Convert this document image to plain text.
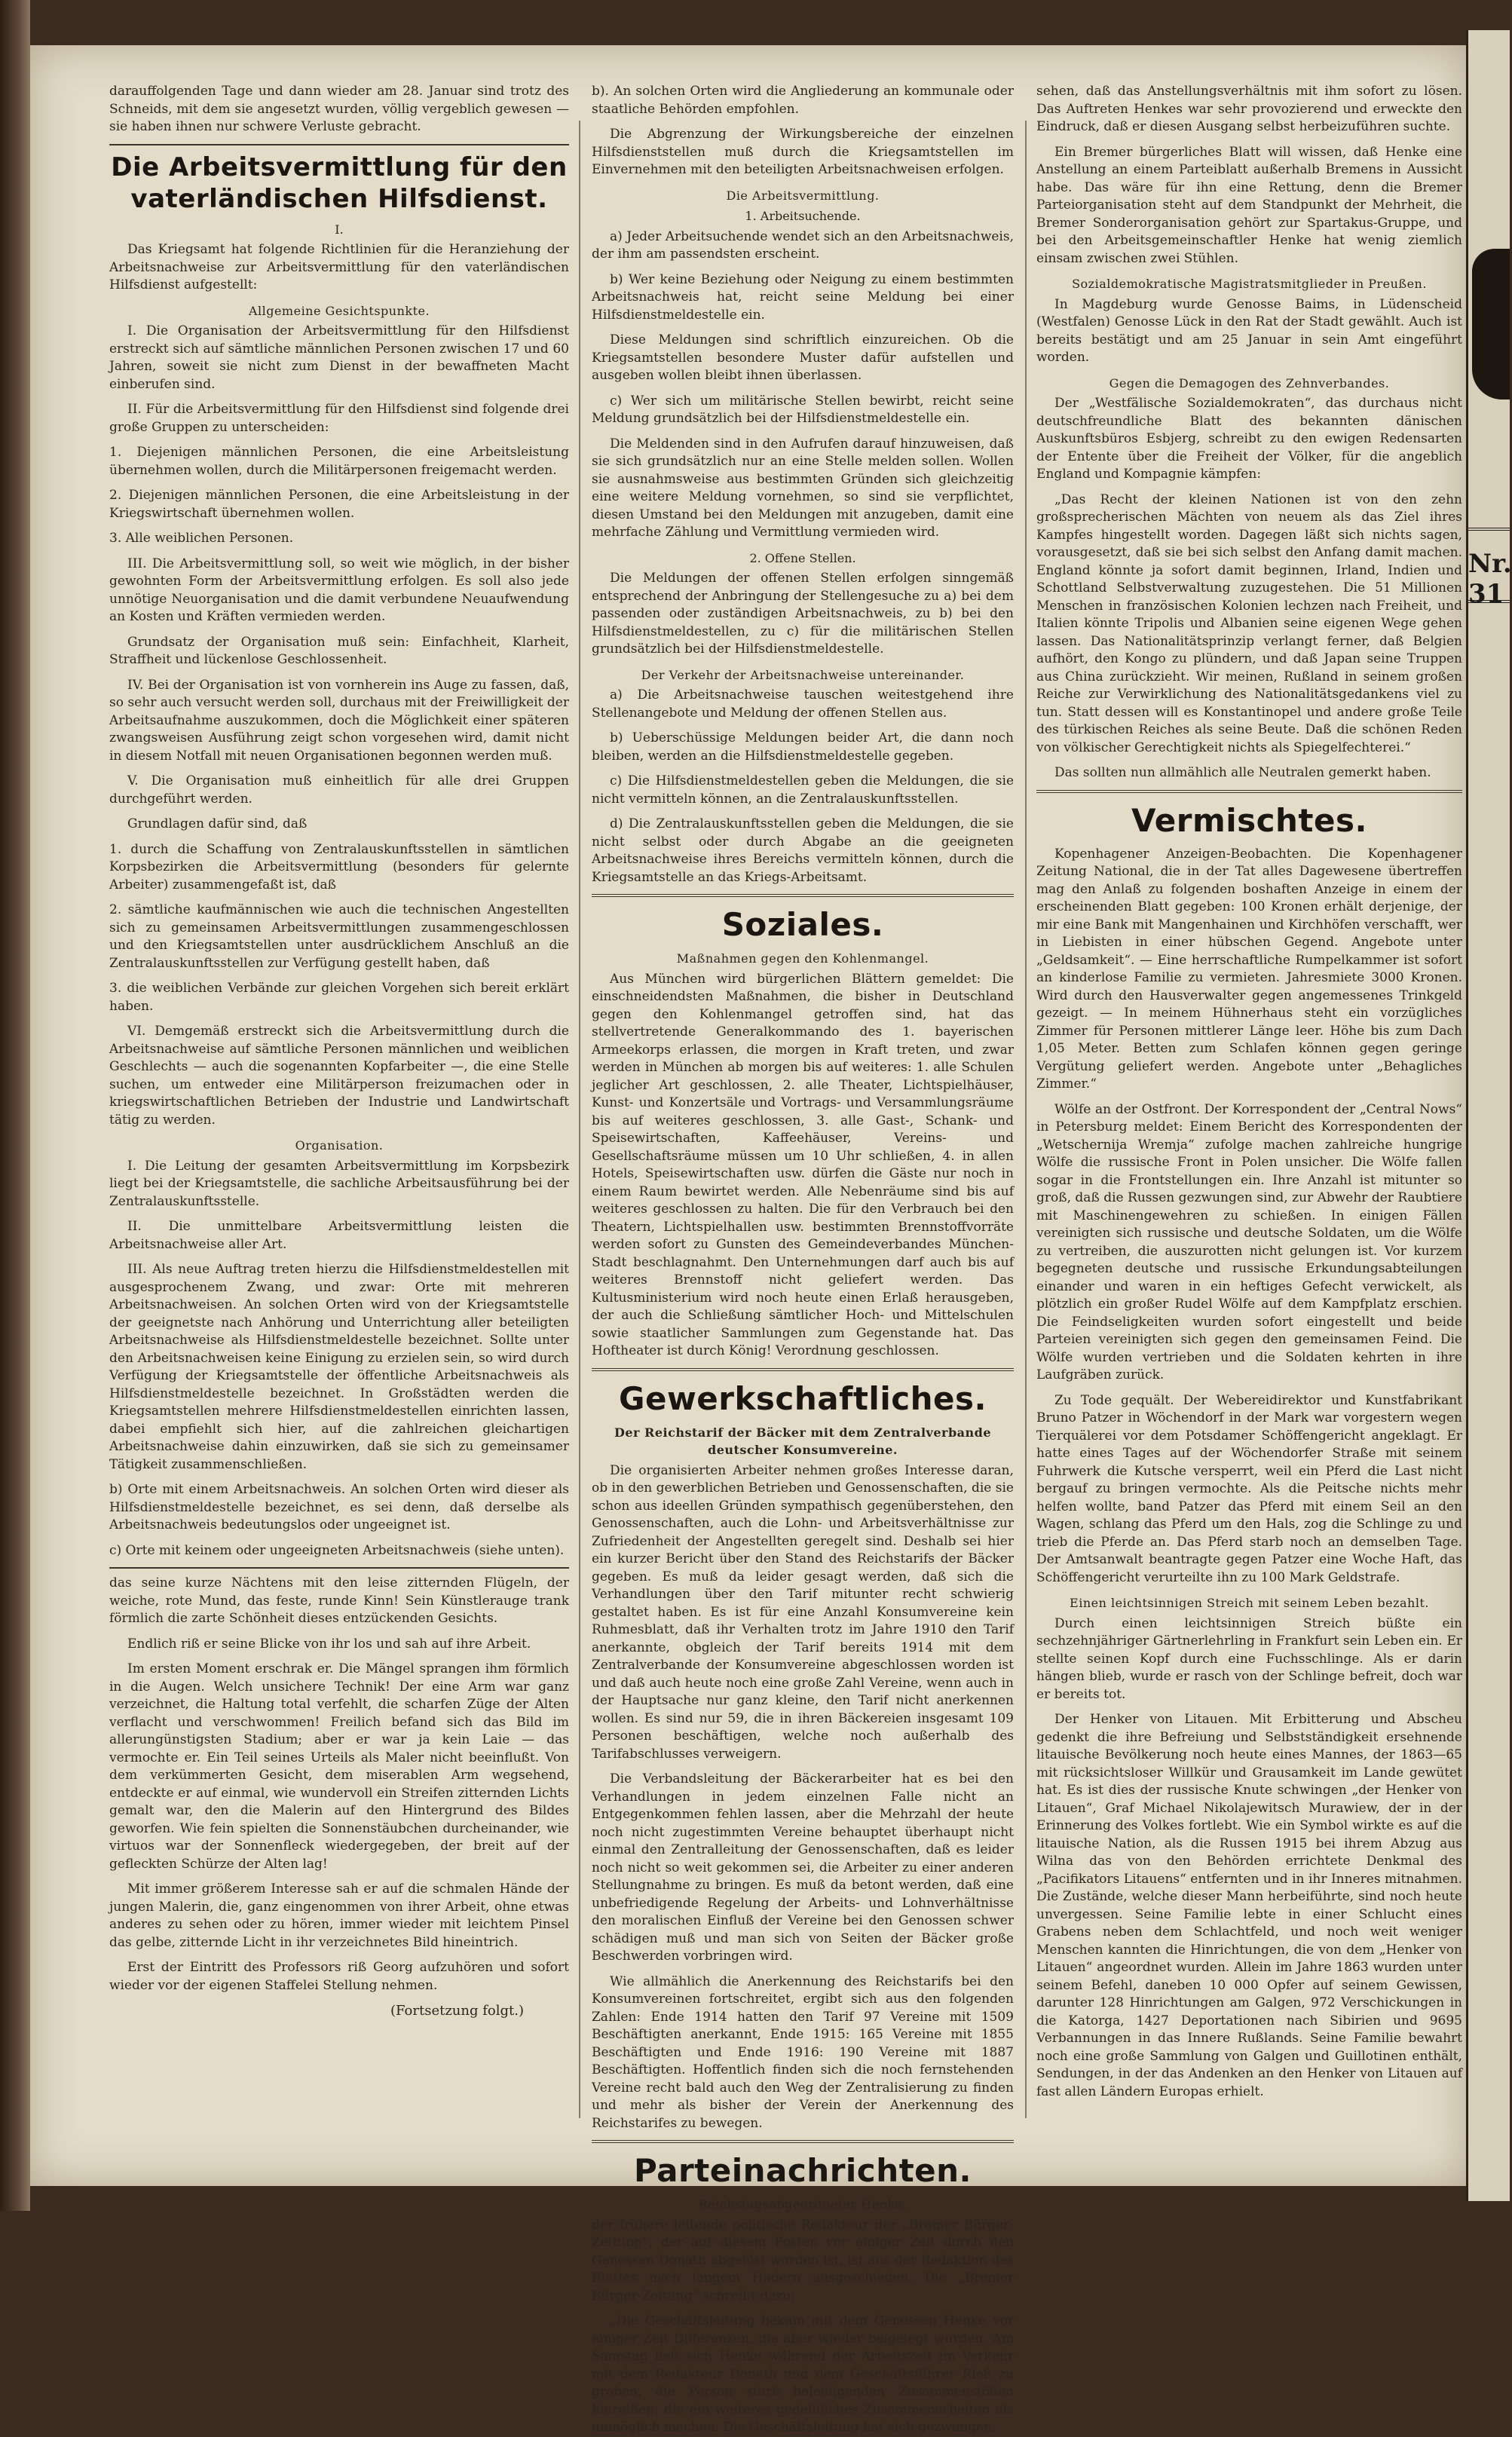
Nr. 31

darauffolgenden Tage und dann wieder am 28. Januar sind trotz des Schneids, mit dem sie angesetzt wurden, völlig vergeblich gewesen — sie haben ihnen nur schwere Verluste gebracht.

Die Arbeitsvermittlung für den vaterländischen Hilfsdienst.
I.

Das Kriegsamt hat folgende Richtlinien für die Heranziehung der Arbeitsnachweise zur Arbeitsvermittlung für den vaterländischen Hilfsdienst aufgestellt:

Allgemeine Gesichtspunkte.

I. Die Organisation der Arbeitsvermittlung für den Hilfsdienst erstreckt sich auf sämtliche männlichen Personen zwischen 17 und 60 Jahren, soweit sie nicht zum Dienst in der bewaffneten Macht einberufen sind.

II. Für die Arbeitsvermittlung für den Hilfsdienst sind folgende drei große Gruppen zu unterscheiden:

1. Diejenigen männlichen Personen, die eine Arbeitsleistung übernehmen wollen, durch die Militärpersonen freigemacht werden.

2. Diejenigen männlichen Personen, die eine Arbeitsleistung in der Kriegswirtschaft übernehmen wollen.

3. Alle weiblichen Personen.

III. Die Arbeitsvermittlung soll, so weit wie möglich, in der bisher gewohnten Form der Arbeitsvermittlung erfolgen. Es soll also jede unnötige Neuorganisation und die damit verbundene Neuaufwendung an Kosten und Kräften vermieden werden.

Grundsatz der Organisation muß sein: Einfachheit, Klarheit, Straffheit und lückenlose Geschlossenheit.

IV. Bei der Organisation ist von vornherein ins Auge zu fassen, daß, so sehr auch versucht werden soll, durchaus mit der Freiwilligkeit der Arbeitsaufnahme auszukommen, doch die Möglichkeit einer späteren zwangsweisen Ausführung zeigt schon vorgesehen wird, damit nicht in diesem Notfall mit neuen Organisationen begonnen werden muß.

V. Die Organisation muß einheitlich für alle drei Gruppen durchgeführt werden.

Grundlagen dafür sind, daß

1. durch die Schaffung von Zentralauskunftsstellen in sämtlichen Korpsbezirken die Arbeitsvermittlung (besonders für gelernte Arbeiter) zusammengefaßt ist, daß

2. sämtliche kaufmännischen wie auch die technischen Angestellten sich zu gemeinsamen Arbeitsvermittlungen zusammengeschlossen und den Kriegsamtstellen unter ausdrücklichem Anschluß an die Zentralauskunftsstellen zur Verfügung gestellt haben, daß

3. die weiblichen Verbände zur gleichen Vorgehen sich bereit erklärt haben.

VI. Demgemäß erstreckt sich die Arbeitsvermittlung durch die Arbeitsnachweise auf sämtliche Personen männlichen und weiblichen Geschlechts — auch die sogenannten Kopfarbeiter —, die eine Stelle suchen, um entweder eine Militärperson freizumachen oder in kriegswirtschaftlichen Betrieben der Industrie und Landwirtschaft tätig zu werden.

Organisation.

I. Die Leitung der gesamten Arbeitsvermittlung im Korpsbezirk liegt bei der Kriegsamtstelle, die sachliche Arbeitsausführung bei der Zentralauskunftsstelle.

II. Die unmittelbare Arbeitsvermittlung leisten die Arbeitsnachweise aller Art.

III. Als neue Auftrag treten hierzu die Hilfsdienstmeldestellen mit ausgesprochenem Zwang, und zwar: Orte mit mehreren Arbeitsnachweisen. An solchen Orten wird von der Kriegsamtstelle der geeignetste nach Anhörung und Unterrichtung aller beteiligten Arbeitsnachweise als Hilfsdienstmeldestelle bezeichnet. Sollte unter den Arbeitsnachweisen keine Einigung zu erzielen sein, so wird durch Verfügung der Kriegsamtstelle der öffentliche Arbeitsnachweis als Hilfsdienstmeldestelle bezeichnet. In Großstädten werden die Kriegsamtstellen mehrere Hilfsdienstmeldestellen einrichten lassen, dabei empfiehlt sich hier, auf die zahlreichen gleichartigen Arbeitsnachweise dahin einzuwirken, daß sie sich zu gemeinsamer Tätigkeit zusammenschließen.

b) Orte mit einem Arbeitsnachweis. An solchen Orten wird dieser als Hilfsdienstmeldestelle bezeichnet, es sei denn, daß derselbe als Arbeitsnachweis bedeutungslos oder ungeeignet ist.

c) Orte mit keinem oder ungeeigneten Arbeitsnachweis (siehe unten).

das seine kurze Nächtens mit den leise zitternden Flügeln, der weiche, rote Mund, das feste, runde Kinn! Sein Künstlerauge trank förmlich die zarte Schönheit dieses entzückenden Gesichts.

Endlich riß er seine Blicke von ihr los und sah auf ihre Arbeit.

Im ersten Moment erschrak er. Die Mängel sprangen ihm förmlich in die Augen. Welch unsichere Technik! Der eine Arm war ganz verzeichnet, die Haltung total verfehlt, die scharfen Züge der Alten verflacht und verschwommen! Freilich befand sich das Bild im allerungünstigsten Stadium; aber er war ja kein Laie — das vermochte er. Ein Teil seines Urteils als Maler nicht beeinflußt. Von dem verkümmerten Gesicht, dem miserablen Arm wegsehend, entdeckte er auf einmal, wie wundervoll ein Streifen zitternden Lichts gemalt war, den die Malerin auf den Hintergrund des Bildes geworfen. Wie fein spielten die Sonnenstäubchen durcheinander, wie virtuos war der Sonnenfleck wiedergegeben, der breit auf der gefleckten Schürze der Alten lag!

Mit immer größerem Interesse sah er auf die schmalen Hände der jungen Malerin, die, ganz eingenommen von ihrer Arbeit, ohne etwas anderes zu sehen oder zu hören, immer wieder mit leichtem Pinsel das gelbe, zitternde Licht in ihr verzeichnetes Bild hineintrich.

Erst der Eintritt des Professors riß Georg aufzuhören und sofort wieder vor der eigenen Staffelei Stellung nehmen.

(Fortsetzung folgt.)

b). An solchen Orten wird die Angliederung an kommunale oder staatliche Behörden empfohlen.

Die Abgrenzung der Wirkungsbereiche der einzelnen Hilfsdienststellen muß durch die Kriegsamtstellen im Einvernehmen mit den beteiligten Arbeitsnachweisen erfolgen.

Die Arbeitsvermittlung.
1. Arbeitsuchende.

a) Jeder Arbeitsuchende wendet sich an den Arbeitsnachweis, der ihm am passendsten erscheint.

b) Wer keine Beziehung oder Neigung zu einem bestimmten Arbeitsnachweis hat, reicht seine Meldung bei einer Hilfsdienstmeldestelle ein.

Diese Meldungen sind schriftlich einzureichen. Ob die Kriegsamtstellen besondere Muster dafür aufstellen und ausgeben wollen bleibt ihnen überlassen.

c) Wer sich um militärische Stellen bewirbt, reicht seine Meldung grundsätzlich bei der Hilfsdienstmeldestelle ein.

Die Meldenden sind in den Aufrufen darauf hinzuweisen, daß sie sich grundsätzlich nur an eine Stelle melden sollen. Wollen sie ausnahmsweise aus bestimmten Gründen sich gleichzeitig eine weitere Meldung vornehmen, so sind sie verpflichtet, diesen Umstand bei den Meldungen mit anzugeben, damit eine mehrfache Zählung und Vermittlung vermieden wird.

2. Offene Stellen.

Die Meldungen der offenen Stellen erfolgen sinngemäß entsprechend der Anbringung der Stellengesuche zu a) bei dem passenden oder zuständigen Arbeitsnachweis, zu b) bei den Hilfsdienstmeldestellen, zu c) für die militärischen Stellen grundsätzlich bei der Hilfsdienstmeldestelle.

Der Verkehr der Arbeitsnachweise untereinander.

a) Die Arbeitsnachweise tauschen weitestgehend ihre Stellenangebote und Meldung der offenen Stellen aus.

b) Ueberschüssige Meldungen beider Art, die dann noch bleiben, werden an die Hilfsdienstmeldestelle gegeben.

c) Die Hilfsdienstmeldestellen geben die Meldungen, die sie nicht vermitteln können, an die Zentralauskunftsstellen.

d) Die Zentralauskunftsstellen geben die Meldungen, die sie nicht selbst oder durch Abgabe an die geeigneten Arbeitsnachweise ihres Bereichs vermitteln können, durch die Kriegsamtstelle an das Kriegs-Arbeitsamt.

Soziales.
Maßnahmen gegen den Kohlenmangel.

Aus München wird bürgerlichen Blättern gemeldet: Die einschneidendsten Maßnahmen, die bisher in Deutschland gegen den Kohlenmangel getroffen sind, hat das stellvertretende Generalkommando des 1. bayerischen Armeekorps erlassen, die morgen in Kraft treten, und zwar werden in München ab morgen bis auf weiteres: 1. alle Schulen jeglicher Art geschlossen, 2. alle Theater, Lichtspielhäuser, Kunst- und Konzertsäle und Vortrags- und Versammlungsräume bis auf weiteres geschlossen, 3. alle Gast-, Schank- und Speisewirtschaften, Kaffeehäuser, Vereins- und Gesellschaftsräume müssen um 10 Uhr schließen, 4. in allen Hotels, Speisewirtschaften usw. dürfen die Gäste nur noch in einem Raum bewirtet werden. Alle Nebenräume sind bis auf weiteres geschlossen zu halten. Die für den Verbrauch bei den Theatern, Lichtspielhallen usw. bestimmten Brennstoffvorräte werden sofort zu Gunsten des Gemeindeverbandes München-Stadt beschlagnahmt. Den Unternehmungen darf auch bis auf weiteres Brennstoff nicht geliefert werden. Das Kultusministerium wird noch heute einen Erlaß herausgeben, der auch die Schließung sämtlicher Hoch- und Mittelschulen sowie staatlicher Sammlungen zum Gegenstande hat. Das Hoftheater ist durch König! Verordnung geschlossen.

Gewerkschaftliches.
Der Reichstarif der Bäcker mit dem Zentralverbande deutscher Konsumvereine.

Die organisierten Arbeiter nehmen großes Interesse daran, ob in den gewerblichen Betrieben und Genossenschaften, die sie schon aus ideellen Gründen sympathisch gegenüberstehen, den Genossenschaften, auch die Lohn- und Arbeitsverhältnisse zur Zufriedenheit der Angestellten geregelt sind. Deshalb sei hier ein kurzer Bericht über den Stand des Reichstarifs der Bäcker gegeben. Es muß da leider gesagt werden, daß sich die Verhandlungen über den Tarif mitunter recht schwierig gestaltet haben. Es ist für eine Anzahl Konsumvereine kein Ruhmesblatt, daß ihr Verhalten trotz im Jahre 1910 den Tarif anerkannte, obgleich der Tarif bereits 1914 mit dem Zentralverbande der Konsumvereine abgeschlossen worden ist und daß auch heute noch eine große Zahl Vereine, wenn auch in der Hauptsache nur ganz kleine, den Tarif nicht anerkennen wollen. Es sind nur 59, die in ihren Bäckereien insgesamt 109 Personen beschäftigen, welche noch außerhalb des Tarifabschlusses verweigern.

Die Verbandsleitung der Bäckerarbeiter hat es bei den Verhandlungen in jedem einzelnen Falle nicht an Entgegenkommen fehlen lassen, aber die Mehrzahl der heute noch nicht zugestimmten Vereine behauptet überhaupt nicht einmal den Zentralleitung der Genossenschaften, daß es leider noch nicht so weit gekommen sei, die Arbeiter zu einer anderen Stellungnahme zu bringen. Es muß da betont werden, daß eine unbefriedigende Regelung der Arbeits- und Lohnverhältnisse den moralischen Einfluß der Vereine bei den Genossen schwer schädigen muß und man sich von Seiten der Bäcker große Beschwerden vorbringen wird.

Wie allmählich die Anerkennung des Reichstarifs bei den Konsumvereinen fortschreitet, ergibt sich aus den folgenden Zahlen: Ende 1914 hatten den Tarif 97 Vereine mit 1509 Beschäftigten anerkannt, Ende 1915: 165 Vereine mit 1855 Beschäftigten und Ende 1916: 190 Vereine mit 1887 Beschäftigten. Hoffentlich finden sich die noch fernstehenden Vereine recht bald auch den Weg der Zentralisierung zu finden und mehr als bisher der Verein der Anerkennung des Reichstarifes zu bewegen.

Parteinachrichten.
Reichstagsabgeordneter Henke,

der frühere leitende politische Redakteur der „Bremer Bürger-Zeitung“, der auf diesem Posten vor einiger Zeit durch den Genossen Donath abgelöst worden ist, ist aus der Redaktion des Blattes nach langem Hadern ausgeschieden. Die „Bremer Bürger-Zeitung“ schreibt dazu:

„Die Geschäftsleitung bekam mit dem Genossen Henke vor einiger Zeit Differenzen, die aber wieder beigelegt wurden. Am Samstag ließ sich Henke während der Arbeitszeit im Verkehr mit dem Redakteur Donath und dem Geschäftsführer Rieß zu groben, die Person stark beleidigenden Zusammenstößen hinreißen, die ein weiteres gedeihliches Zusammenarbeiten als unmöglich machen. Die Geschäftsleitung hat sich gezwungen,

sehen, daß das Anstellungsverhältnis mit ihm sofort zu lösen. Das Auftreten Henkes war sehr provozierend und erweckte den Eindruck, daß er diesen Ausgang selbst herbeizuführen suchte.

Ein Bremer bürgerliches Blatt will wissen, daß Henke eine Anstellung an einem Parteiblatt außerhalb Bremens in Aussicht habe. Das wäre für ihn eine Rettung, denn die Bremer Parteiorganisation steht auf dem Standpunkt der Mehrheit, die Bremer Sonderorganisation gehört zur Spartakus-Gruppe, und bei den Arbeitsgemeinschaftler Henke hat wenig ziemlich einsam zwischen zwei Stühlen.

Sozialdemokratische Magistratsmitglieder in Preußen.

In Magdeburg wurde Genosse Baims, in Lüdenscheid (Westfalen) Genosse Lück in den Rat der Stadt gewählt. Auch ist bereits bestätigt und am 25 Januar in sein Amt eingeführt worden.

Gegen die Demagogen des Zehnverbandes.

Der „Westfälische Sozialdemokraten“, das durchaus nicht deutschfreundliche Blatt des bekannten dänischen Auskunftsbüros Esbjerg, schreibt zu den ewigen Redensarten der Entente über die Freiheit der Völker, für die angeblich England und Kompagnie kämpfen:

„Das Recht der kleinen Nationen ist von den zehn großsprecherischen Mächten von neuem als das Ziel ihres Kampfes hingestellt worden. Dagegen läßt sich nichts sagen, vorausgesetzt, daß sie bei sich selbst den Anfang damit machen. England könnte ja sofort damit beginnen, Irland, Indien und Schottland Selbstverwaltung zuzugestehen. Die 51 Millionen Menschen in französischen Kolonien lechzen nach Freiheit, und Italien könnte Tripolis und Albanien seine eigenen Wege gehen lassen. Das Nationalitätsprinzip verlangt ferner, daß Belgien aufhört, den Kongo zu plündern, und daß Japan seine Truppen aus China zurückzieht. Wir meinen, Rußland in seinem großen Reiche zur Verwirklichung des Nationalitätsgedankens viel zu tun. Statt dessen will es Konstantinopel und andere große Teile des türkischen Reiches als seine Beute. Daß die schönen Reden von völkischer Gerechtigkeit nichts als Spiegelfechterei.“

Das sollten nun allmählich alle Neutralen gemerkt haben.

Vermischtes.

Kopenhagener Anzeigen-Beobachten. Die Kopenhagener Zeitung National, die in der Tat alles Dagewesene übertreffen mag den Anlaß zu folgenden boshaften Anzeige in einem der erscheinenden Blatt gegeben: 100 Kronen erhält derjenige, der mir eine Bank mit Mangenhainen und Kirchhöfen verschafft, wer in Liebisten in einer hübschen Gegend. Angebote unter „Geldsamkeit“. — Eine herrschaftliche Rumpelkammer ist sofort an kinderlose Familie zu vermieten. Jahresmiete 3000 Kronen. Wird durch den Hausverwalter gegen angemessenes Trinkgeld gezeigt. — In meinem Hühnerhaus steht ein vorzügliches Zimmer für Personen mittlerer Länge leer. Höhe bis zum Dach 1,05 Meter. Betten zum Schlafen können gegen geringe Vergütung geliefert werden. Angebote unter „Behagliches Zimmer.“

Wölfe an der Ostfront. Der Korrespondent der „Central Nows“ in Petersburg meldet: Einem Bericht des Korrespondenten der „Wetschernija Wremja“ zufolge machen zahlreiche hungrige Wölfe die russische Front in Polen unsicher. Die Wölfe fallen sogar in die Frontstellungen ein. Ihre Anzahl ist mitunter so groß, daß die Russen gezwungen sind, zur Abwehr der Raubtiere mit Maschinengewehren zu schießen. In einigen Fällen vereinigten sich russische und deutsche Soldaten, um die Wölfe zu vertreiben, die auszurotten nicht gelungen ist. Vor kurzem begegneten deutsche und russische Erkundungsabteilungen einander und waren in ein heftiges Gefecht verwickelt, als plötzlich ein großer Rudel Wölfe auf dem Kampfplatz erschien. Die Feindseligkeiten wurden sofort eingestellt und beide Parteien vereinigten sich gegen den gemeinsamen Feind. Die Wölfe wurden vertrieben und die Soldaten kehrten in ihre Laufgräben zurück.

Zu Tode gequält. Der Webereidirektor und Kunstfabrikant Bruno Patzer in Wöchendorf in der Mark war vorgestern wegen Tierquälerei vor dem Potsdamer Schöffengericht angeklagt. Er hatte eines Tages auf der Wöchendorfer Straße mit seinem Fuhrwerk die Kutsche versperrt, weil ein Pferd die Last nicht bergauf zu bringen vermochte. Als die Peitsche nichts mehr helfen wollte, band Patzer das Pferd mit einem Seil an den Wagen, schlang das Pferd um den Hals, zog die Schlinge zu und trieb die Pferde an. Das Pferd starb noch an demselben Tage. Der Amtsanwalt beantragte gegen Patzer eine Woche Haft, das Schöffengericht verurteilte ihn zu 100 Mark Geldstrafe.

Einen leichtsinnigen Streich mit seinem Leben bezahlt.

Durch einen leichtsinnigen Streich büßte ein sechzehnjähriger Gärtnerlehrling in Frankfurt sein Leben ein. Er stellte seinen Kopf durch eine Fuchsschlinge. Als er darin hängen blieb, wurde er rasch von der Schlinge befreit, doch war er bereits tot.

Der Henker von Litauen. Mit Erbitterung und Abscheu gedenkt die ihre Befreiung und Selbstständigkeit ersehnende litauische Bevölkerung noch heute eines Mannes, der 1863—65 mit rücksichtsloser Willkür und Grausamkeit im Lande gewütet hat. Es ist dies der russische Knute schwingen „der Henker von Litauen“, Graf Michael Nikolajewitsch Murawiew, der in der Erinnerung des Volkes fortlebt. Wie ein Symbol wirkte es auf die litauische Nation, als die Russen 1915 bei ihrem Abzug aus Wilna das von den Behörden errichtete Denkmal des „Pacifikators Litauens“ entfernten und in ihr Inneres mitnahmen. Die Zustände, welche dieser Mann herbeiführte, sind noch heute unvergessen. Seine Familie lebte in einer Schlucht eines Grabens neben dem Schlachtfeld, und noch weit weniger Menschen kannten die Hinrichtungen, die von dem „Henker von Litauen“ angeordnet wurden. Allein im Jahre 1863 wurden unter seinem Befehl, daneben 10 000 Opfer auf seinem Gewissen, darunter 128 Hinrichtungen am Galgen, 972 Verschickungen in die Katorga, 1427 Deportationen nach Sibirien und 9695 Verbannungen in das Innere Rußlands. Seine Familie bewahrt noch eine große Sammlung von Galgen und Guillotinen enthält, Sendungen, in der das Andenken an den Henker von Litauen auf fast allen Ländern Europas erhielt.
